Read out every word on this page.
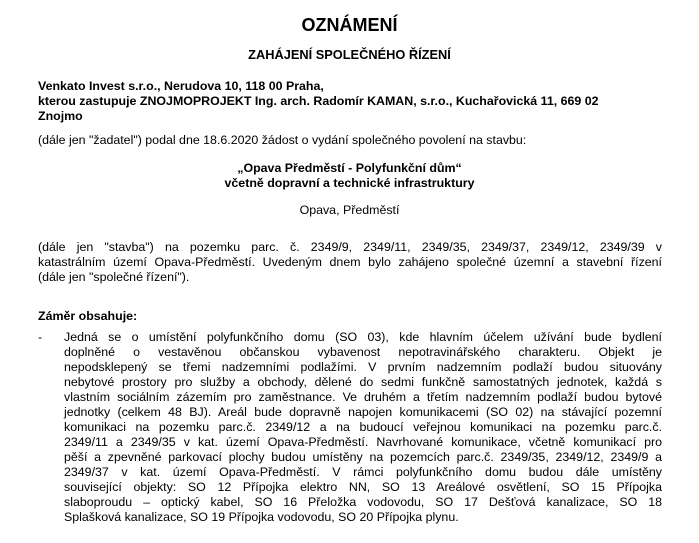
OZNÁMENÍ
ZAHÁJENÍ SPOLEČNÉHO ŘÍZENÍ
Venkato Invest s.r.o., Nerudova 10, 118 00 Praha,
kterou zastupuje ZNOJMOPROJEKT Ing. arch. Radomír KAMAN, s.r.o., Kuchařovická 11, 669 02
Znojmo
(dále jen "žadatel") podal dne 18.6.2020 žádost o vydání společného povolení na stavbu:
„Opava Předměstí - Polyfunkční dům“
včetně dopravní a technické infrastruktury
Opava, Předměstí
(dále jen "stavba") na pozemku parc. č. 2349/9, 2349/11, 2349/35, 2349/37, 2349/12, 2349/39 v
katastrálním území Opava-Předměstí. Uvedeným dnem bylo zahájeno společné územní a stavební řízení
(dále jen "společné řízení").
Záměr obsahuje:
- Jedná se o umístění polyfunkčního domu (SO 03), kde hlavním účelem užívání bude bydlení
doplněné o vestavěnou občanskou vybavenost nepotravinářského charakteru. Objekt je
nepodsklepený se třemi nadzemními podlažími. V prvním nadzemním podlaží budou situovány
nebytové prostory pro služby a obchody, dělené do sedmi funkčně samostatných jednotek, každá s
vlastním sociálním zázemím pro zaměstnance. Ve druhém a třetím nadzemním podlaží budou bytové
jednotky (celkem 48 BJ). Areál bude dopravně napojen komunikacemi (SO 02) na stávající pozemní
komunikaci na pozemku parc.č. 2349/12 a na budoucí veřejnou komunikaci na pozemku parc.č.
2349/11 a 2349/35 v kat. území Opava-Předměstí. Navrhované komunikace, včetně komunikací pro
pěší a zpevněné parkovací plochy budou umístěny na pozemcích parc.č. 2349/35, 2349/12, 2349/9 a
2349/37 v kat. území Opava-Předměstí. V rámci polyfunkčního domu budou dále umístěny
související objekty: SO 12 Přípojka elektro NN, SO 13 Areálové osvětlení, SO 15 Přípojka
slaboproudu – optický kabel, SO 16 Přeložka vodovodu, SO 17 Dešťová kanalizace, SO 18
Splašková kanalizace, SO 19 Přípojka vodovodu, SO 20 Přípojka plynu.
